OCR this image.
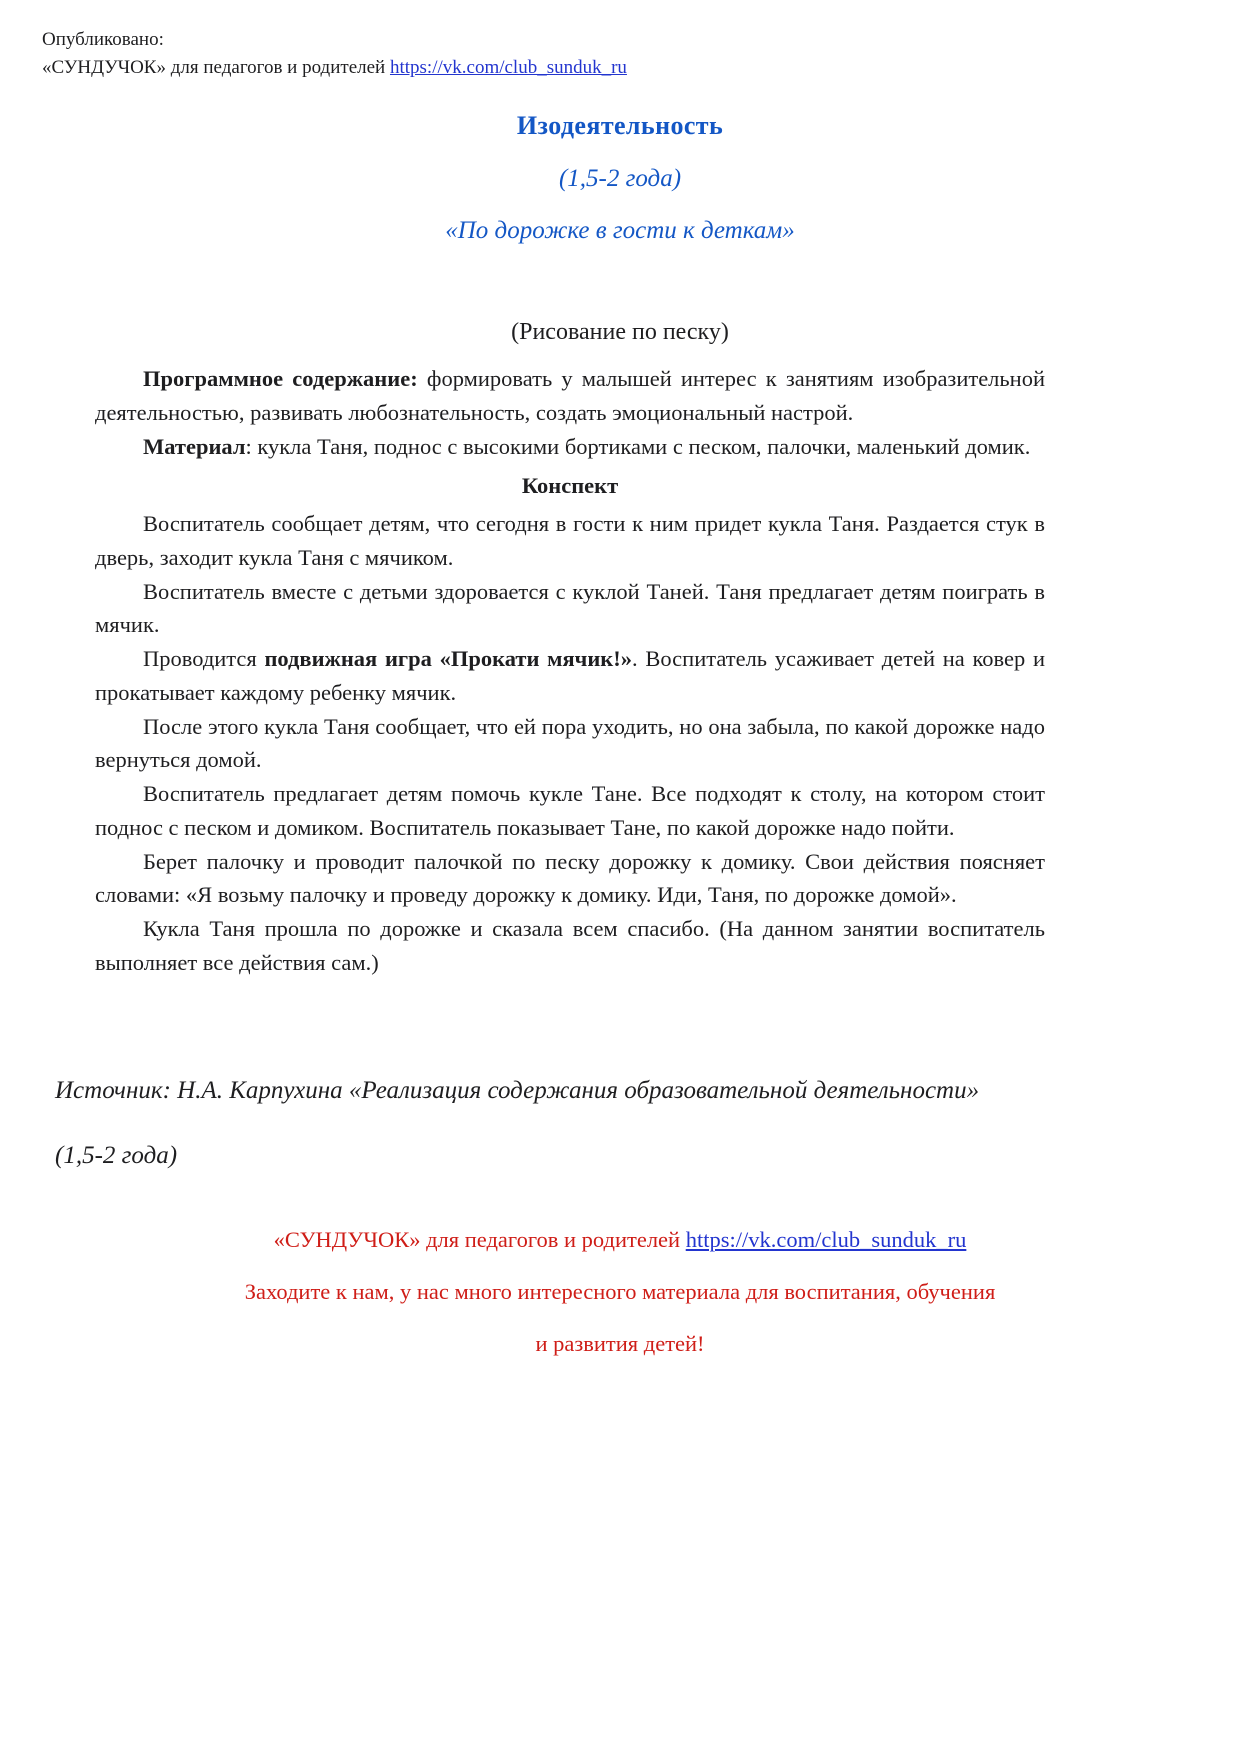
Опубликовано:
«СУНДУЧОК» для педагогов и родителей https://vk.com/club_sunduk_ru
Изодеятельность
(1,5-2 года)
«По дорожке в гости к деткам»
(Рисование по песку)

Программное содержание: формировать у малышей интерес к занятиям изобразительной деятельностью, развивать любознательность, создать эмоциональный настрой.

Материал: кукла Таня, поднос с высокими бортиками с песком, палочки, маленький домик.

Конспект

Воспитатель сообщает детям, что сегодня в гости к ним придет кукла Таня. Раздается стук в дверь, заходит кукла Таня с мячиком.

Воспитатель вместе с детьми здоровается с куклой Таней. Таня предлагает детям поиграть в мячик.

Проводится подвижная игра «Прокати мячик!». Воспитатель усаживает детей на ковер и прокатывает каждому ребенку мячик.

После этого кукла Таня сообщает, что ей пора уходить, но она забыла, по какой дорожке надо вернуться домой.

Воспитатель предлагает детям помочь кукле Тане. Все подходят к столу, на котором стоит поднос с песком и домиком. Воспитатель показывает Тане, по какой дорожке надо пойти.

Берет палочку и проводит палочкой по песку дорожку к домику. Свои действия поясняет словами: «Я возьму палочку и проведу дорожку к домику. Иди, Таня, по дорожке домой».

Кукла Таня прошла по дорожке и сказала всем спасибо. (На данном занятии воспитатель выполняет все действия сам.)

Источник: Н.А. Карпухина «Реализация содержания образовательной деятельности»
(1,5-2 года)
«СУНДУЧОК» для педагогов и родителей https://vk.com/club_sunduk_ru
Заходите к нам, у нас много интересного материала для воспитания, обучения
и развития детей!
